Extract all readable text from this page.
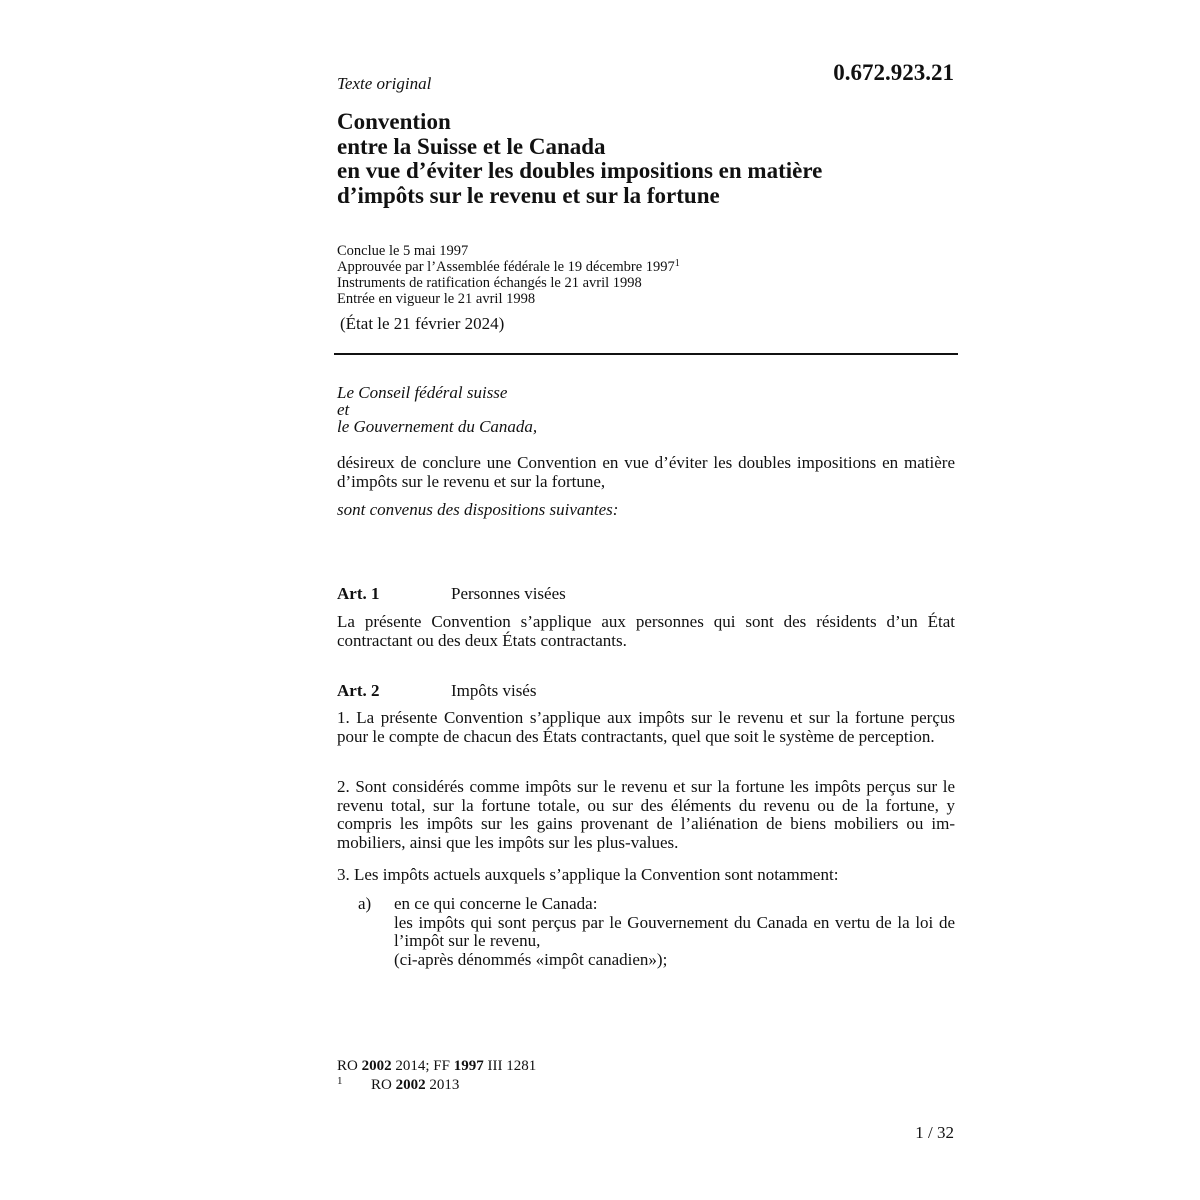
Texte original	0.672.923.21
Convention
entre la Suisse et le Canada
en vue d’éviter les doubles impositions en matière
d’impôts sur le revenu et sur la fortune
Conclue le 5 mai 1997
Approuvée par l’Assemblée fédérale le 19 décembre 1997$^1$
Instruments de ratification échangés le 21 avril 1998
Entrée en vigueur le 21 avril 1998
(État le 21 février 2024)
Le Conseil fédéral suisse
et
le Gouvernement du Canada,
désireux de conclure une Convention en vue d’éviter les doubles impositions en matière d’impôts sur le revenu et sur la fortune,
sont convenus des dispositions suivantes:
Art. 1	Personnes visées
La présente Convention s’applique aux personnes qui sont des résidents d’un État contractant ou des deux États contractants.
Art. 2	Impôts visés
1. La présente Convention s’applique aux impôts sur le revenu et sur la fortune perçus pour le compte de chacun des États contractants, quel que soit le système de perception.
2. Sont considérés comme impôts sur le revenu et sur la fortune les impôts perçus sur le revenu total, sur la fortune totale, ou sur des éléments du revenu ou de la fortune, y compris les impôts sur les gains provenant de l’aliénation de biens mobiliers ou immobiliers, ainsi que les impôts sur les plus-values.
3. Les impôts actuels auxquels s’applique la Convention sont notamment:
a) en ce qui concerne le Canada:
les impôts qui sont perçus par le Gouvernement du Canada en vertu de la loi de l’impôt sur le revenu,
(ci-après dénommés «impôt canadien»);
RO 2002 2014; FF 1997 III 1281
1 RO 2002 2013
1 / 32
